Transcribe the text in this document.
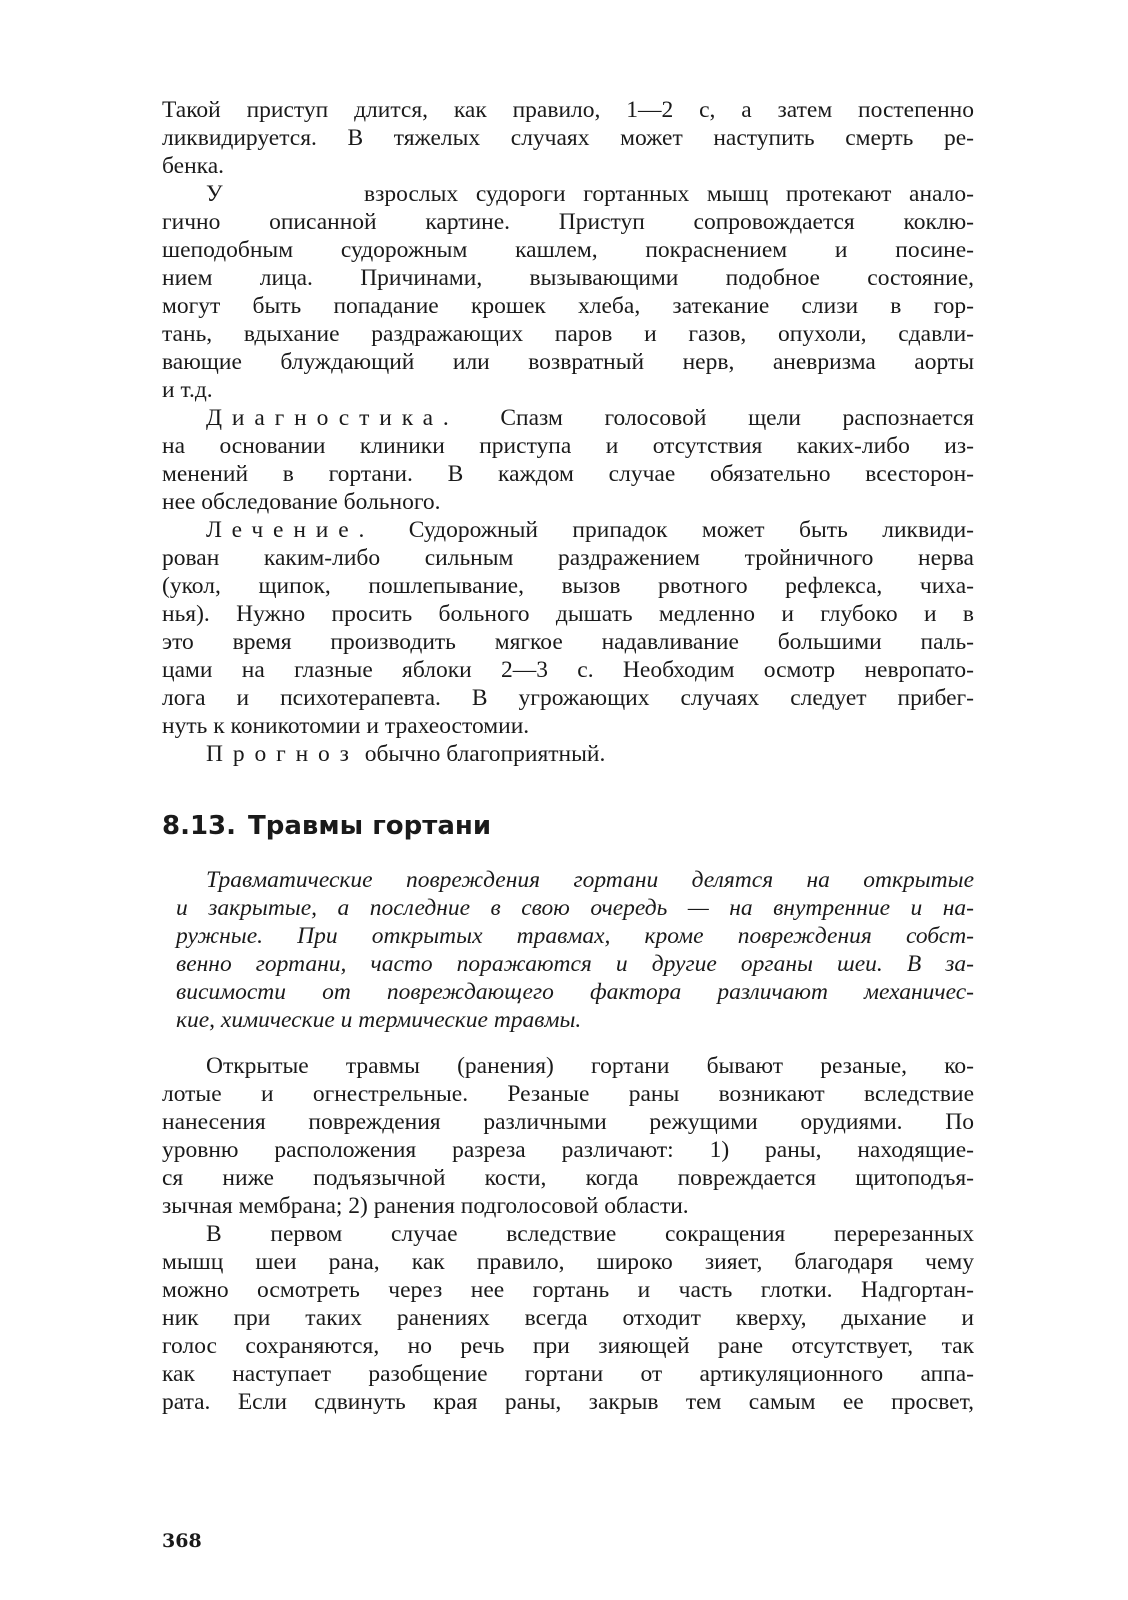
Такой приступ длится, как правило, 1—2 с, а затем постепенно
ликвидируется. В тяжелых случаях может наступить смерть ре-
бенка.
У        взрослых судороги гортанных мышц протекают анало-
гично описанной картине. Приступ сопровождается коклю-
шеподобным судорожным кашлем, покраснением и посине-
нием лица. Причинами, вызывающими подобное состояние,
могут быть попадание крошек хлеба, затекание слизи в гор-
тань, вдыхание раздражающих паров и газов, опухоли, сдавли-
вающие блуждающий или возвратный нерв, аневризма аорты
и т.д.
Диагностика. Спазм голосовой щели распознается
на основании клиники приступа и отсутствия каких-либо из-
менений в гортани. В каждом случае обязательно всесторон-
нее обследование больного.
Лечение. Судорожный припадок может быть ликвиди-
рован каким-либо сильным раздражением тройничного нерва
(укол, щипок, пошлепывание, вызов рвотного рефлекса, чиха-
нья). Нужно просить больного дышать медленно и глубоко и в
это время производить мягкое надавливание большими паль-
цами на глазные яблоки 2—3 с. Необходим осмотр невропато-
лога и психотерапевта. В угрожающих случаях следует прибег-
нуть к коникотомии и трахеостомии.
Прогноз обычно благоприятный.
8.13. Травмы гортани
Травматические повреждения гортани делятся на открытые
и закрытые, а последние в свою очередь — на внутренние и на-
ружные. При открытых травмах, кроме повреждения собст-
венно гортани, часто поражаются и другие органы шеи. В за-
висимости от повреждающего фактора различают механичес-
кие, химические и термические травмы.
Открытые травмы (ранения) гортани бывают резаные, ко-
лотые и огнестрельные. Резаные раны возникают вследствие
нанесения повреждения различными режущими орудиями. По
уровню расположения разреза различают: 1) раны, находящие-
ся ниже подъязычной кости, когда повреждается щитоподъя-
зычная мембрана; 2) ранения подголосовой области.
В первом случае вследствие сокращения перерезанных
мышц шеи рана, как правило, широко зияет, благодаря чему
можно осмотреть через нее гортань и часть глотки. Надгортан-
ник при таких ранениях всегда отходит кверху, дыхание и
голос сохраняются, но речь при зияющей ране отсутствует, так
как наступает разобщение гортани от артикуляционного аппа-
рата. Если сдвинуть края раны, закрыв тем самым ее просвет,
368
